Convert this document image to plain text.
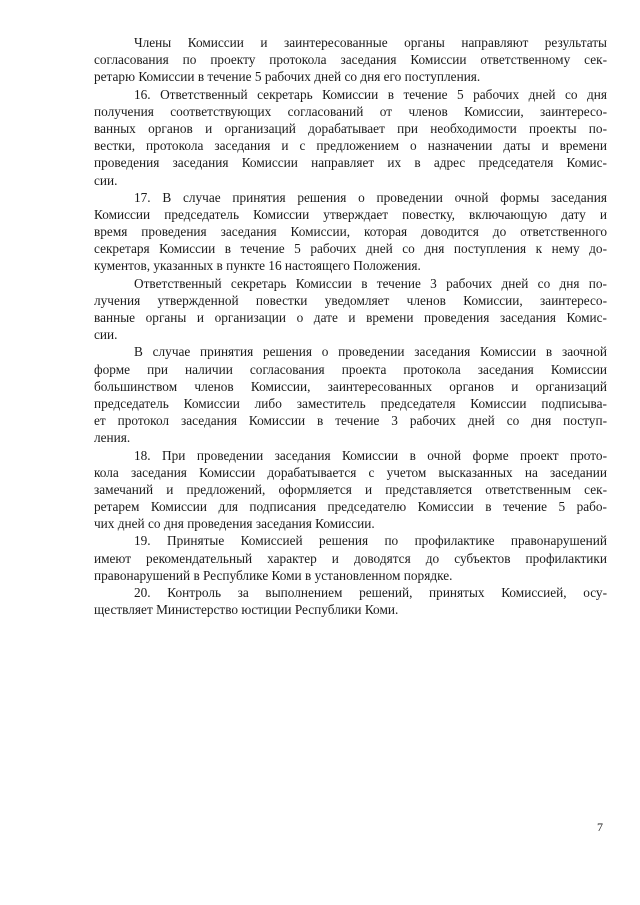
Члены Комиссии и заинтересованные органы направляют результаты
согласования по проекту протокола заседания Комиссии ответственному сек-
ретарю Комиссии в течение 5 рабочих дней со дня его поступления.
16. Ответственный секретарь Комиссии в течение 5 рабочих дней со дня
получения соответствующих согласований от членов Комиссии, заинтересо-
ванных органов и организаций дорабатывает при необходимости проекты по-
вестки, протокола заседания и с предложением о назначении даты и времени
проведения заседания Комиссии направляет их в адрес председателя Комис-
сии.
17. В случае принятия решения о проведении очной формы заседания
Комиссии председатель Комиссии утверждает повестку, включающую дату и
время проведения заседания Комиссии, которая доводится до ответственного
секретаря Комиссии в течение 5 рабочих дней со дня поступления к нему до-
кументов, указанных в пункте 16 настоящего Положения.
Ответственный секретарь Комиссии в течение 3 рабочих дней со дня по-
лучения утвержденной повестки уведомляет членов Комиссии, заинтересо-
ванные органы и организации о дате и времени проведения заседания Комис-
сии.
В случае принятия решения о проведении заседания Комиссии в заочной
форме при наличии согласования проекта протокола заседания Комиссии
большинством членов Комиссии, заинтересованных органов и организаций
председатель Комиссии либо заместитель председателя Комиссии подписыва-
ет протокол заседания Комиссии в течение 3 рабочих дней со дня поступ-
ления.
18. При проведении заседания Комиссии в очной форме проект прото-
кола заседания Комиссии дорабатывается с учетом высказанных на заседании
замечаний и предложений, оформляется и представляется ответственным сек-
ретарем Комиссии для подписания председателю Комиссии в течение 5 рабо-
чих дней со дня проведения заседания Комиссии.
19. Принятые Комиссией решения по профилактике правонарушений
имеют рекомендательный характер и доводятся до субъектов профилактики
правонарушений в Республике Коми в установленном порядке.
20. Контроль за выполнением решений, принятых Комиссией, осу-
ществляет Министерство юстиции Республики Коми.
7
